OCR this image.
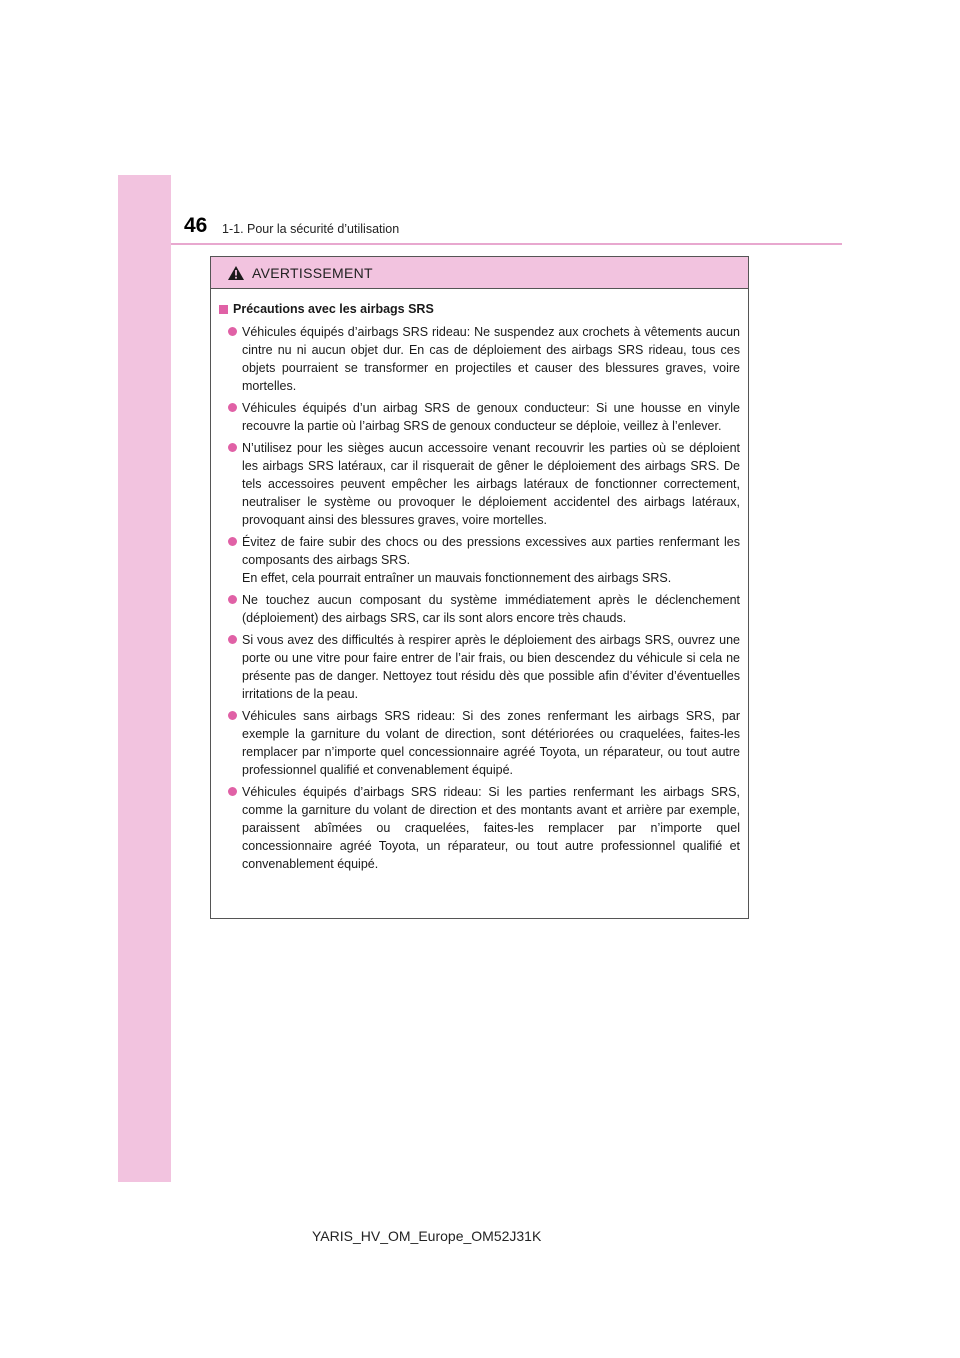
46 1-1. Pour la sécurité d’utilisation
AVERTISSEMENT
Précautions avec les airbags SRS
Véhicules équipés d’airbags SRS rideau: Ne suspendez aux crochets à vêtements aucun cintre nu ni aucun objet dur. En cas de déploiement des airbags SRS rideau, tous ces objets pourraient se transformer en projectiles et causer des blessures graves, voire mortelles.
Véhicules équipés d’un airbag SRS de genoux conducteur: Si une housse en vinyle recouvre la partie où l’airbag SRS de genoux conducteur se déploie, veillez à l’enlever.
N’utilisez pour les sièges aucun accessoire venant recouvrir les parties où se déploient les airbags SRS latéraux, car il risquerait de gêner le déploiement des airbags SRS. De tels accessoires peuvent empêcher les airbags latéraux de fonctionner correctement, neutraliser le système ou provoquer le déploiement accidentel des airbags latéraux, provoquant ainsi des blessures graves, voire mortelles.
Évitez de faire subir des chocs ou des pressions excessives aux parties renfermant les composants des airbags SRS.
En effet, cela pourrait entraîner un mauvais fonctionnement des airbags SRS.
Ne touchez aucun composant du système immédiatement après le déclenchement (déploiement) des airbags SRS, car ils sont alors encore très chauds.
Si vous avez des difficultés à respirer après le déploiement des airbags SRS, ouvrez une porte ou une vitre pour faire entrer de l’air frais, ou bien descendez du véhicule si cela ne présente pas de danger. Nettoyez tout résidu dès que possible afin d’éviter d’éventuelles irritations de la peau.
Véhicules sans airbags SRS rideau: Si des zones renfermant les airbags SRS, par exemple la garniture du volant de direction, sont détériorées ou craquelées, faites-les remplacer par n’importe quel concessionnaire agréé Toyota, un réparateur, ou tout autre professionnel qualifié et convenablement équipé.
Véhicules équipés d’airbags SRS rideau: Si les parties renfermant les airbags SRS, comme la garniture du volant de direction et des montants avant et arrière par exemple, paraissent abîmées ou craquelées, faites-les remplacer par n’importe quel concessionnaire agréé Toyota, un réparateur, ou tout autre professionnel qualifié et convenablement équipé.
YARIS_HV_OM_Europe_OM52J31K
